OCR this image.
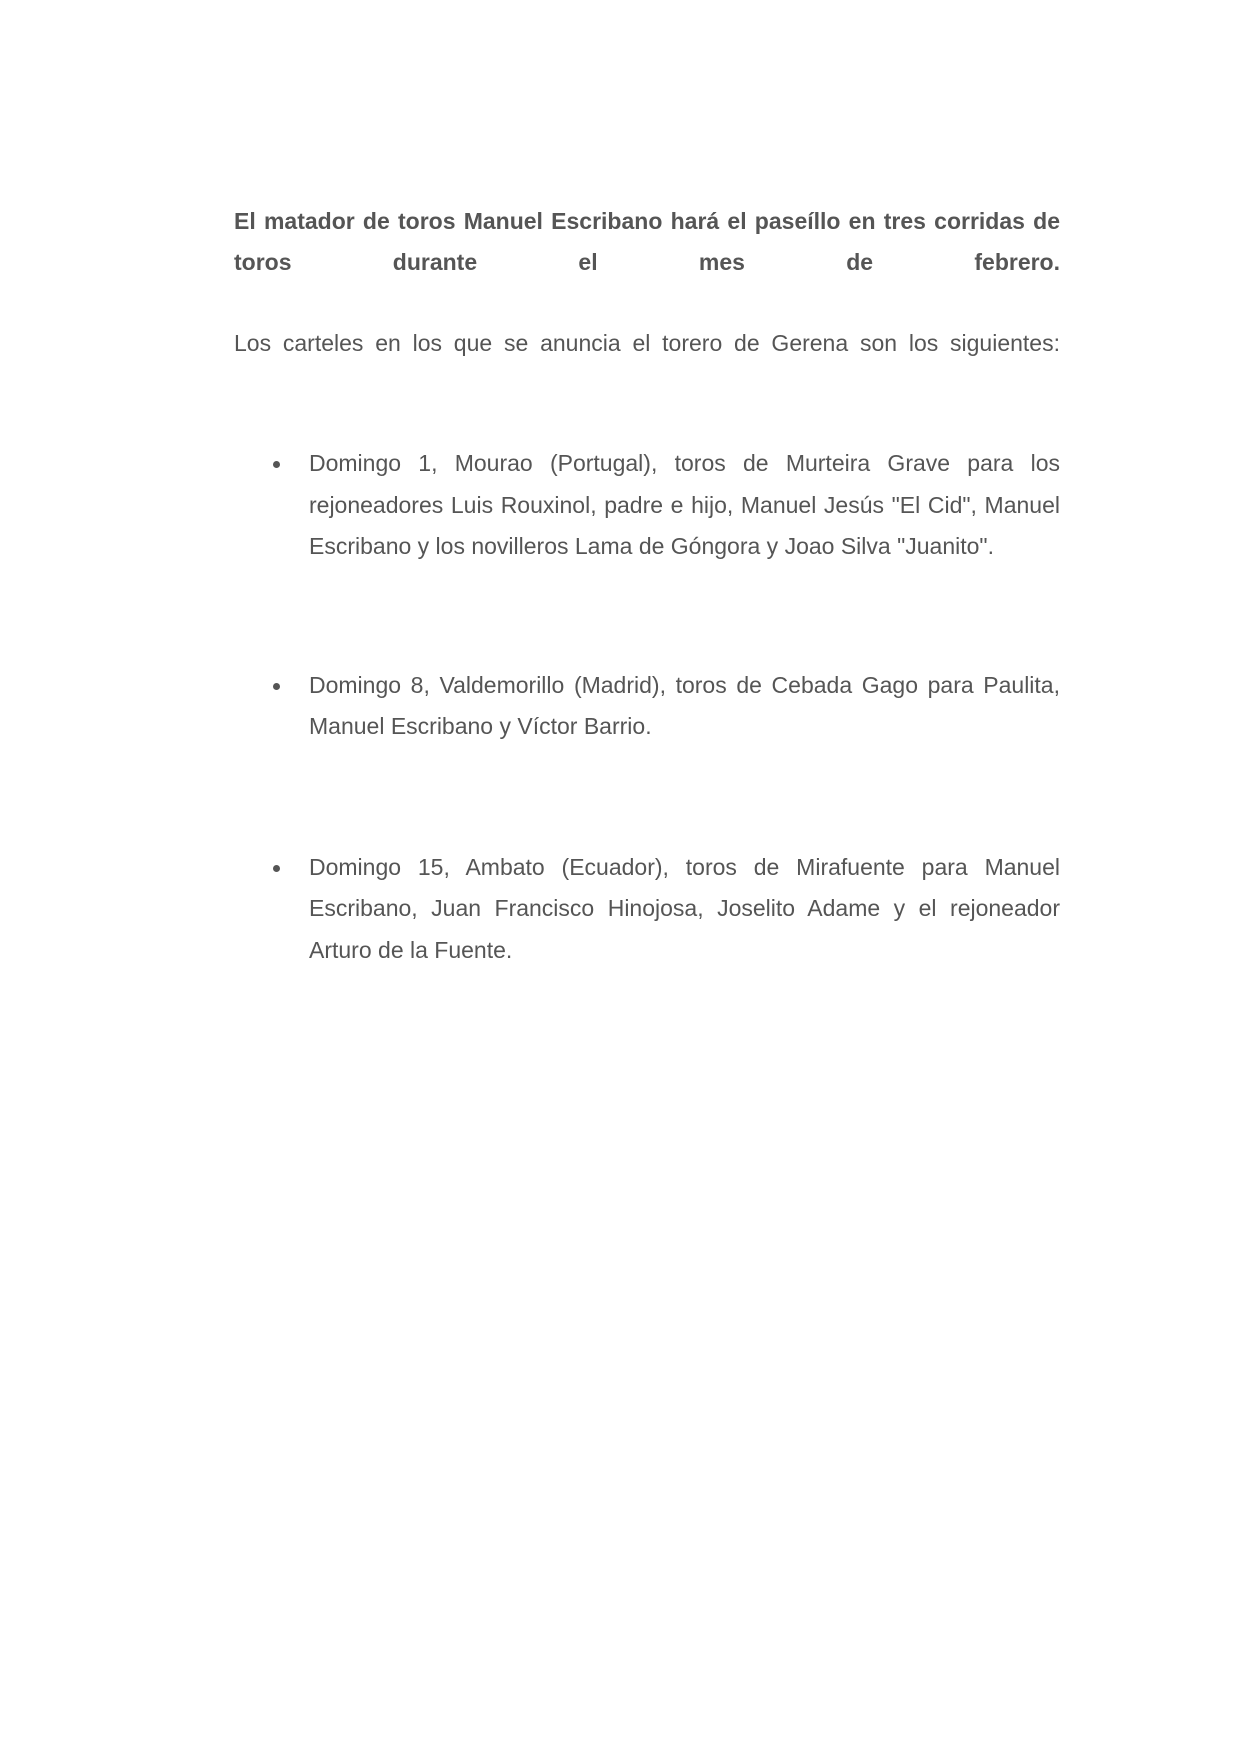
El matador de toros Manuel Escribano hará el paseíllo en tres corridas de toros durante el mes de febrero.

Los carteles en los que se anuncia el torero de Gerena son los siguientes:

Domingo 1, Mourao (Portugal), toros de Murteira Grave para los rejoneadores Luis Rouxinol, padre e hijo, Manuel Jesús "El Cid", Manuel Escribano y los novilleros Lama de Góngora y Joao Silva "Juanito".
Domingo 8, Valdemorillo (Madrid), toros de Cebada Gago para Paulita, Manuel Escribano y Víctor Barrio.
Domingo 15, Ambato (Ecuador), toros de Mirafuente para Manuel Escribano, Juan Francisco Hinojosa, Joselito Adame y el rejoneador Arturo de la Fuente.
